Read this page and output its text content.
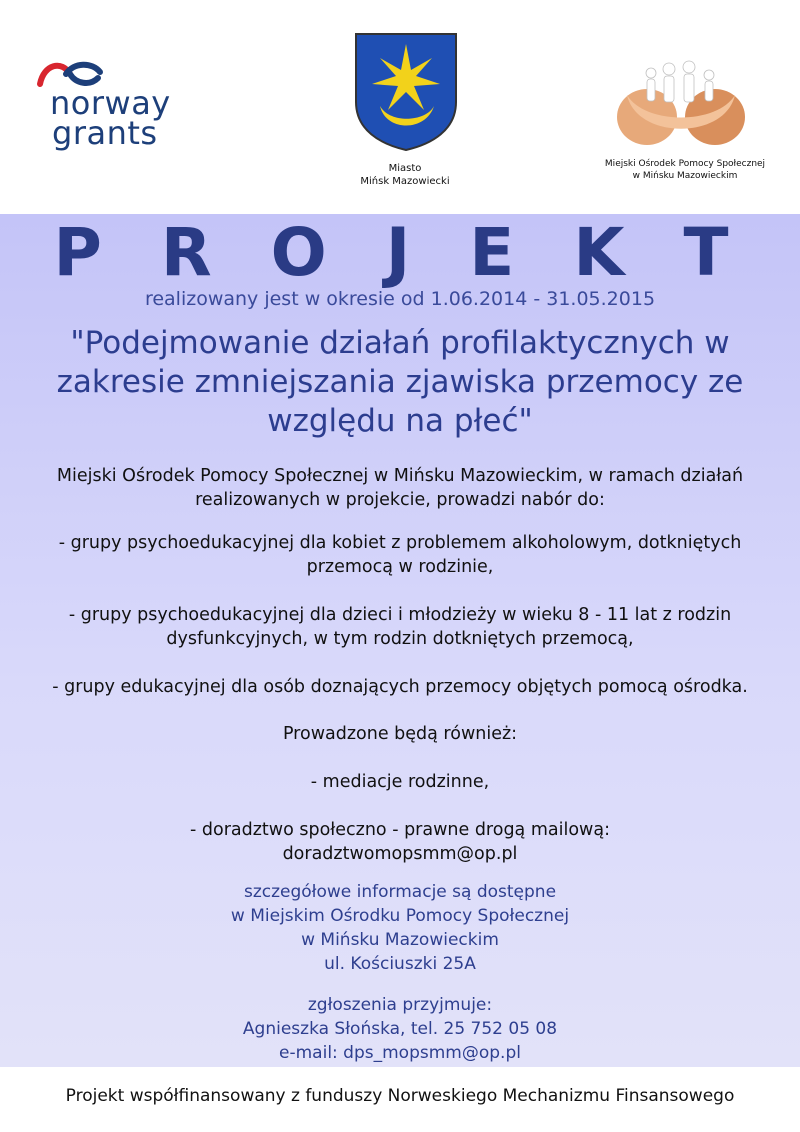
norway
grants
Miasto
Mińsk Mazowiecki
Miejski Ośrodek Pomocy Społecznej
w Mińsku Mazowieckim
P R O J E K T
realizowany jest w okresie od 1.06.2014 - 31.05.2015
"Podejmowanie działań profilaktycznych w
zakresie zmniejszania zjawiska przemocy ze
względu na płeć"
Miejski Ośrodek Pomocy Społecznej w Mińsku Mazowieckim, w ramach działań
realizowanych w projekcie, prowadzi nabór do:
- grupy psychoedukacyjnej dla kobiet z problemem alkoholowym, dotkniętych
przemocą w rodzinie,
- grupy psychoedukacyjnej dla dzieci i młodzieży w wieku 8 - 11 lat z rodzin
dysfunkcyjnych, w tym rodzin dotkniętych przemocą,
- grupy edukacyjnej dla osób doznających przemocy objętych pomocą ośrodka.
Prowadzone będą również:
- mediacje rodzinne,
- doradztwo społeczno - prawne drogą mailową:
doradztwomopsmm@op.pl
szczegółowe informacje są dostępne
w Miejskim Ośrodku Pomocy Społecznej
w Mińsku Mazowieckim
ul. Kościuszki 25A
zgłoszenia przyjmuje:
Agnieszka Słońska, tel. 25 752 05 08
e-mail: dps_mopsmm@op.pl
Projekt współfinansowany z funduszy Norweskiego Mechanizmu Finsansowego
